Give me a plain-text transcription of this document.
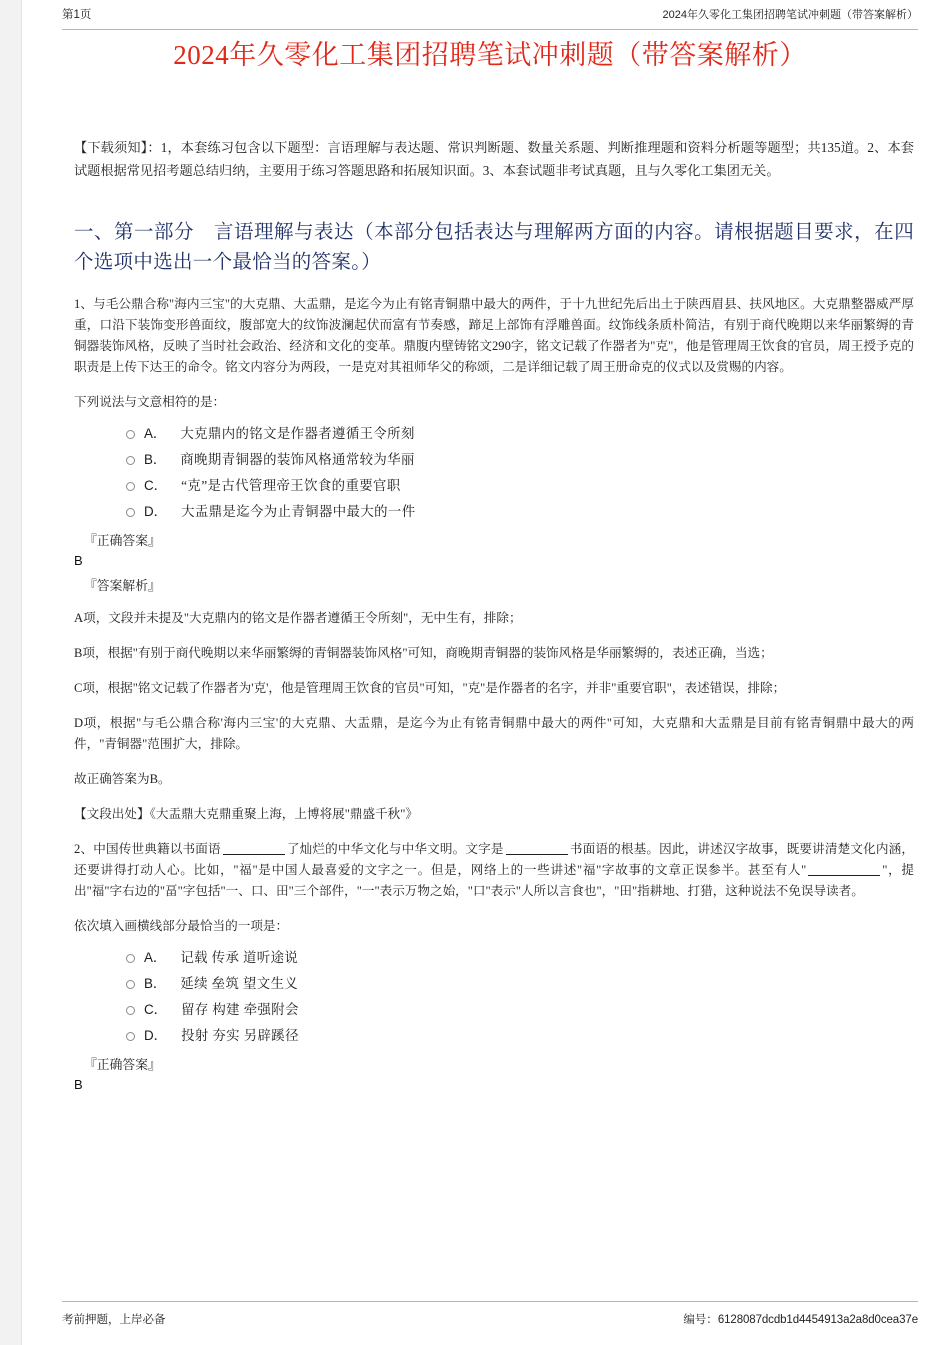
第1页	2024年久零化工集团招聘笔试冲刺题（带答案解析）
2024年久零化工集团招聘笔试冲刺题（带答案解析）

【下载须知】：1，本套练习包含以下题型：言语理解与表达题、常识判断题、数量关系题、判断推理题和资料分析题等题型；共135道。2、本套试题根据常见招考题总结归纳，主要用于练习答题思路和拓展知识面。3、本套试题非考试真题，且与久零化工集团无关。

一、第一部分　言语理解与表达（本部分包括表达与理解两方面的内容。请根据题目要求，在四个选项中选出一个最恰当的答案。）

1、与毛公鼎合称"海内三宝"的大克鼎、大盂鼎，是迄今为止有铭青铜鼎中最大的两件，于十九世纪先后出土于陕西眉县、扶风地区。大克鼎整器威严厚重，口沿下装饰变形兽面纹，腹部宽大的纹饰波澜起伏而富有节奏感，蹄足上部饰有浮雕兽面。纹饰线条质朴简洁，有别于商代晚期以来华丽繁缛的青铜器装饰风格，反映了当时社会政治、经济和文化的变革。鼎腹内壁铸铭文290字，铭文记载了作器者为"克"，他是管理周王饮食的官员，周王授予克的职责是上传下达王的命令。铭文内容分为两段，一是克对其祖师华父的称颂，二是详细记载了周王册命克的仪式以及赏赐的内容。

下列说法与文意相符的是：

A． 大克鼎内的铭文是作器者遵循王令所刻
B． 商晚期青铜器的装饰风格通常较为华丽
C． “克”是古代管理帝王饮食的重要官职
D． 大盂鼎是迄今为止青铜器中最大的一件
『正确答案』
B
『答案解析』

A项，文段并未提及"大克鼎内的铭文是作器者遵循王令所刻"，无中生有，排除；

B项，根据"有别于商代晚期以来华丽繁缛的青铜器装饰风格"可知，商晚期青铜器的装饰风格是华丽繁缛的，表述正确，当选；

C项，根据"铭文记载了作器者为'克'，他是管理周王饮食的官员"可知，"克"是作器者的名字，并非"重要官职"，表述错误，排除；

D项，根据"与毛公鼎合称'海内三宝'的大克鼎、大盂鼎，是迄今为止有铭青铜鼎中最大的两件"可知，大克鼎和大盂鼎是目前有铭青铜鼎中最大的两件，"青铜器"范围扩大，排除。

故正确答案为B。

【文段出处】《大盂鼎大克鼎重聚上海，上博将展"鼎盛千秋"》

2、中国传世典籍以书面语	了灿烂的中华文化与中华文明。文字是	书面语的根基。因此，讲述汉字故事，既要讲清楚文化内涵，还要讲得打动人心。比如，"福"是中国人最喜爱的文字之一。但是，网络上的一些讲述"福"字故事的文章正误参半。甚至有人"	"，提出"福"字右边的"畐"字包括"一、口、田"三个部件，"一"表示万物之始，"口"表示"人所以言食也"，"田"指耕地、打猎，这种说法不免误导读者。

依次填入画横线部分最恰当的一项是：

A． 记载 传承 道听途说
B． 延续 垒筑 望文生义
C． 留存 构建 牵强附会
D． 投射 夯实 另辟蹊径
『正确答案』
B
考前押题，上岸必备	编号：6128087dcdb1d4454913a2a8d0cea37e
